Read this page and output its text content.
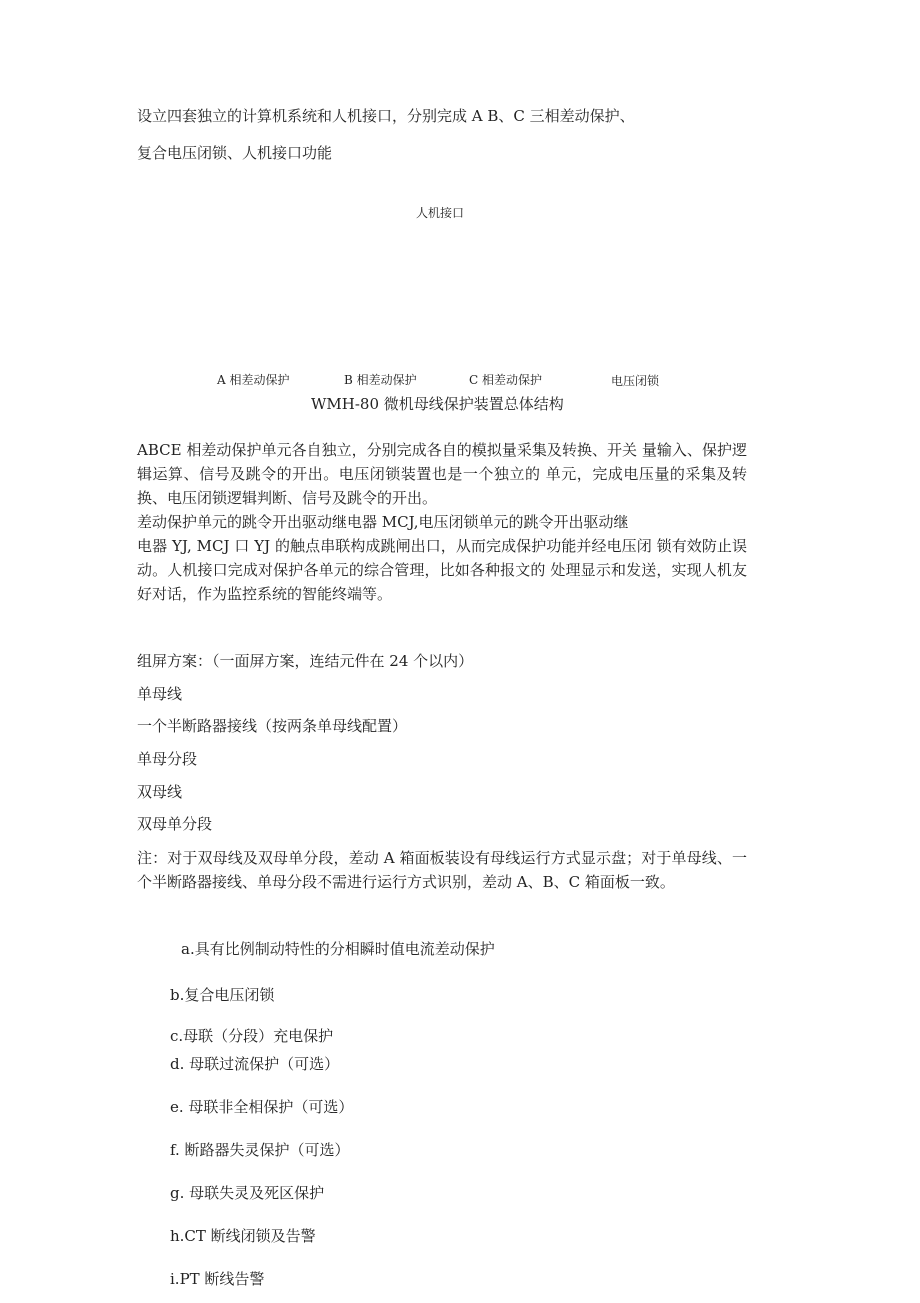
设立四套独立的计算机系统和人机接口，分别完成 A B、C 三相差动保护、
复合电压闭锁、人机接口功能
人机接口
A 相差动保护	B 相差动保护	C 相差动保护	电压闭锁
WMH-80 微机母线保护装置总体结构

ABCE 相差动保护单元各自独立，分别完成各自的模拟量采集及转换、开关 量输入、保护逻辑运算、信号及跳令的开出。电压闭锁装置也是一个独立的 单元，完成电压量的采集及转换、电压闭锁逻辑判断、信号及跳令的开出。

差动保护单元的跳令开出驱动继电器 MCJ,电压闭锁单元的跳令开出驱动继

电器 YJ, MCJ 口 YJ 的触点串联构成跳闸出口，从而完成保护功能并经电压闭 锁有效防止误动。人机接口完成对保护各单元的综合管理，比如各种报文的 处理显示和发送，实现人机友好对话，作为监控系统的智能终端等。

组屏方案：（一面屏方案，连结元件在 24 个以内）
单母线
一个半断路器接线（按两条单母线配置）
单母分段
双母线
双母单分段
注：对于双母线及双母单分段，差动 A 箱面板装设有母线运行方式显示盘；对于单母线、一个半断路器接线、单母分段不需进行运行方式识别，差动 A、B、C 箱面板一致。
a.具有比例制动特性的分相瞬时值电流差动保护
b.复合电压闭锁
c.母联（分段）充电保护
d. 母联过流保护（可选）
e. 母联非全相保护（可选）
f. 断路器失灵保护（可选）
g. 母联失灵及死区保护
h.CT 断线闭锁及告警
i.PT 断线告警
